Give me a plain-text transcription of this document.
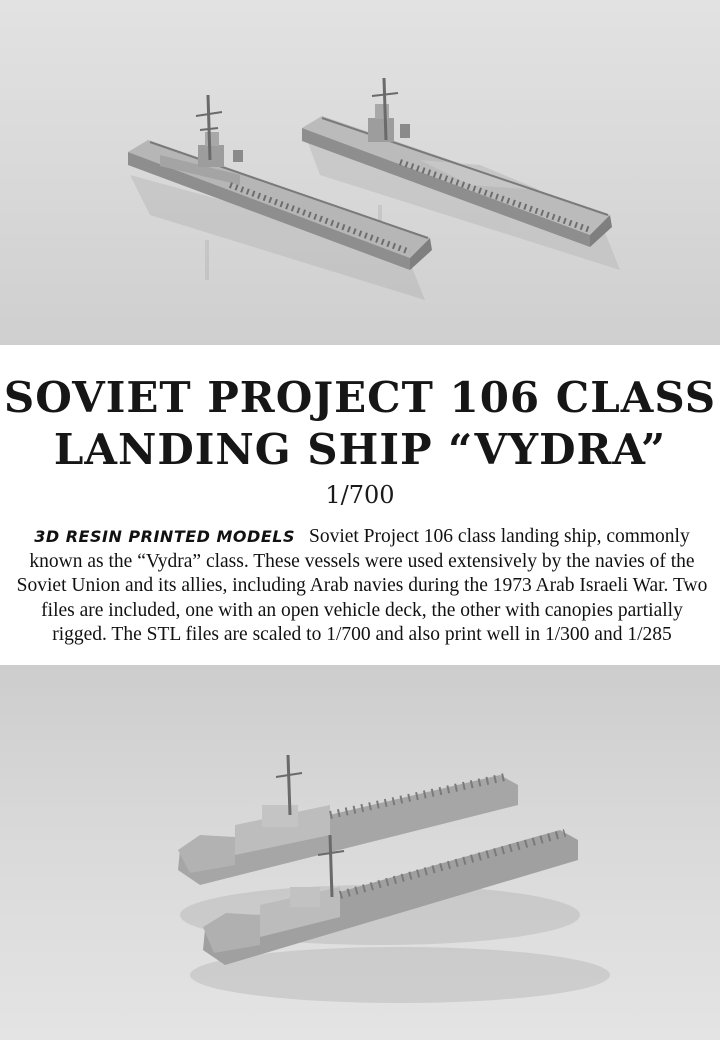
SOVIET PROJECT 106 CLASS
LANDING SHIP “VYDRA”
1/700
3D RESIN PRINTED MODELS Soviet Project 106 class landing ship, commonly known as the “Vydra” class. These vessels were used extensively by the navies of the Soviet Union and its allies, including Arab navies during the 1973 Arab Israeli War. Two files are included, one with an open vehicle deck, the other with canopies partially rigged. The STL files are scaled to 1/700 and also print well in 1/300 and 1/285
